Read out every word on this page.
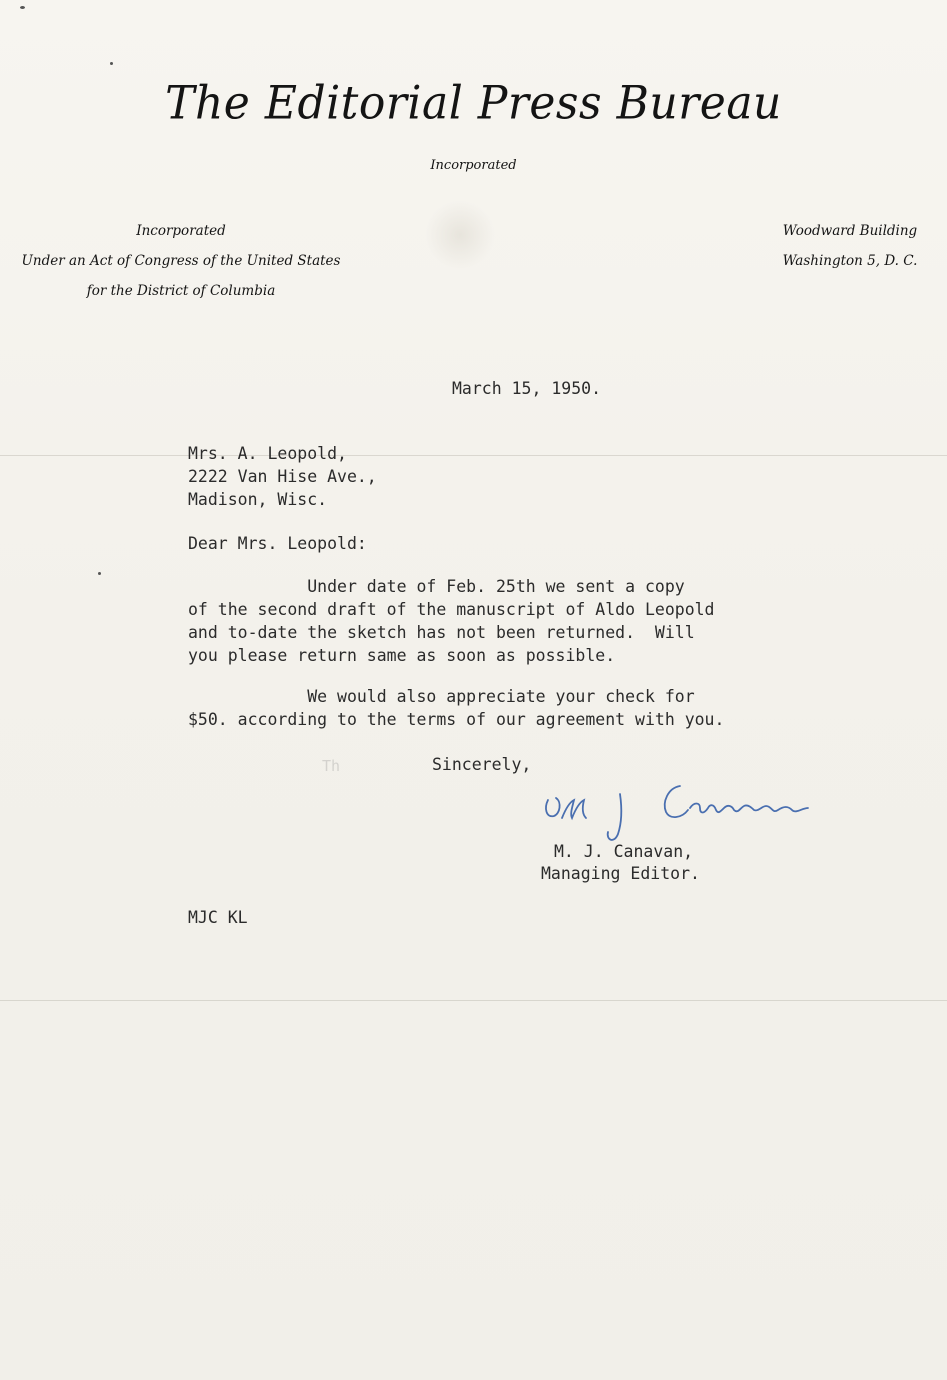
The Editorial Press Bureau
Incorporated
Incorporated
Under an Act of Congress of the United States
for the District of Columbia
Woodward Building
Washington 5, D. C.
March 15, 1950.
Mrs. A. Leopold,
2222 Van Hise Ave.,
Madison, Wisc.
Dear Mrs. Leopold:
Under date of Feb. 25th we sent a copy
of the second draft of the manuscript of Aldo Leopold
and to-date the sketch has not been returned.  Will
you please return same as soon as possible.
We would also appreciate your check for
$50. according to the terms of our agreement with you.
Th	Sincerely,
M. J. Canavan,
Managing Editor.
MJC KL
